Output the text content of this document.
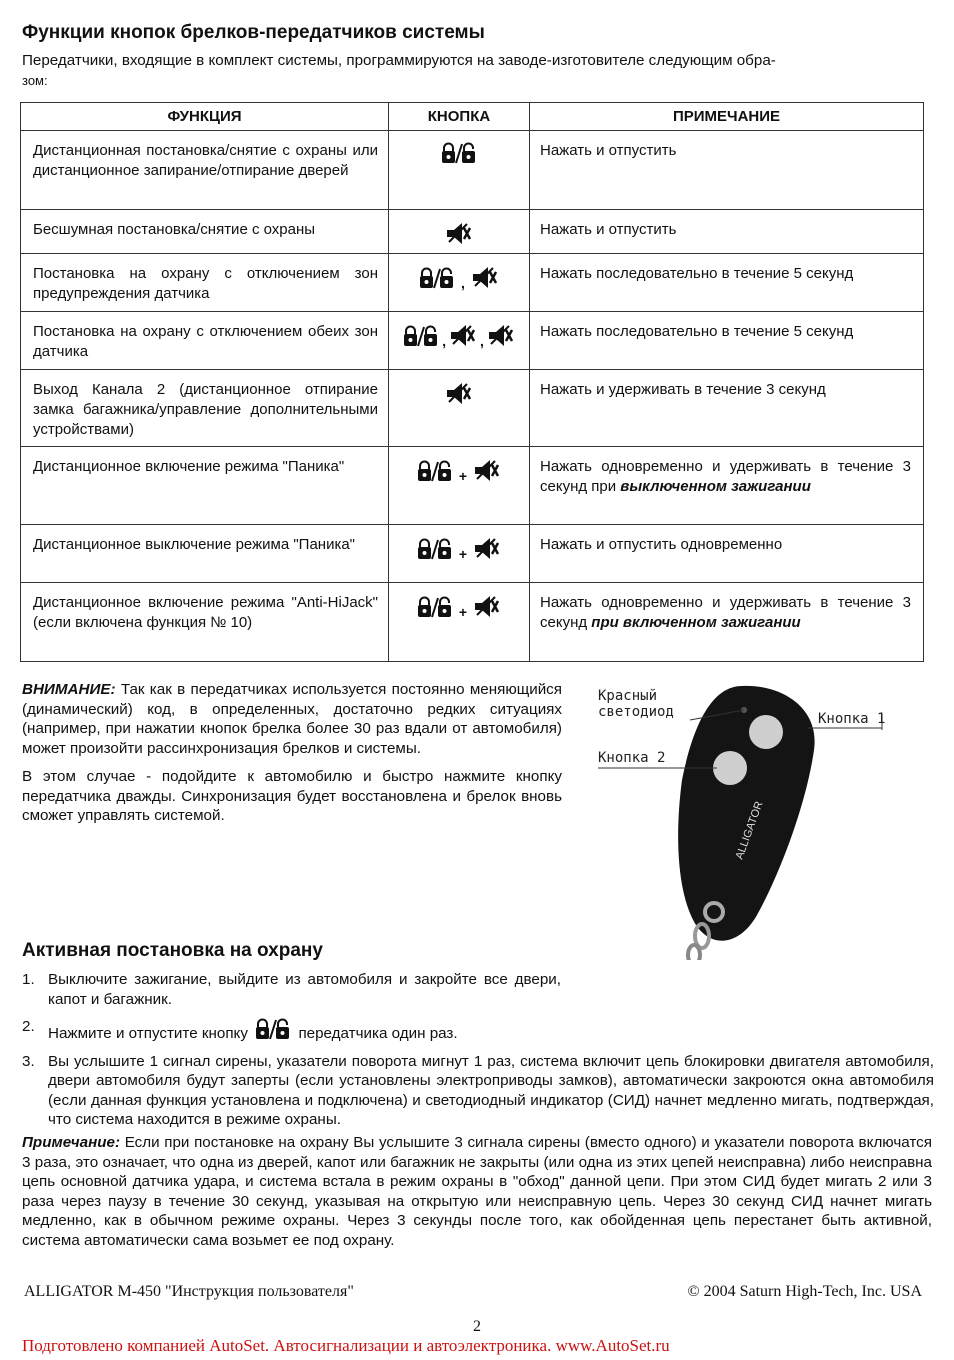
Функции кнопок брелков-передатчиков системы
Передатчики, входящие в комплект системы, программируются на заводе-изготовителе следующим обра-
зом:
ФУНКЦИЯ	КНОПКА	ПРИМЕЧАНИЕ
Дистанционная постановка/снятие с охраны или дистанционное запирание/отпирание дверей		Нажать и отпустить
Бесшумная постановка/снятие с охраны		Нажать и отпустить
Постановка на охрану с отключением зон предупреждения датчика	,	Нажать последовательно в течение 5 секунд
Постановка на охрану с отключением обеих зон датчика	, ,	Нажать последовательно в течение 5 секунд
Выход Канала 2 (дистанционное отпирание замка багажника/управление дополнительными устройствами)		Нажать и удерживать в течение 3 секунд
Дистанционное включение режима "Паника"	+	Нажать одновременно и удерживать в течение 3 секунд при выключенном зажигании
Дистанционное выключение режима "Паника"	+	Нажать и отпустить одновременно
Дистанционное включение режима "Anti-HiJack" (если включена функция № 10)	+	Нажать одновременно и удерживать в течение 3 секунд при включенном зажигании

ВНИМАНИЕ: Так как в передатчиках используется постоянно меняющийся (динамический) код, в определенных, достаточно редких ситуациях (например, при нажатии кнопок брелка более 30 раз вдали от автомобиля) может произойти рассинхронизация брелков и системы.

В этом случае - подойдите к автомобилю и быстро нажмите кнопку передатчика дважды. Синхронизация будет восстановлена и брелок вновь сможет управлять системой.	ALLIGATOR
Красный
светодиод	Кнопка 1
Кнопка 2
Активная постановка на охрану
1. Выключите зажигание, выйдите из автомобиля и закройте все двери, капот и багажник.
2. Нажмите и отпустите кнопку	передатчика один раз.
3. Вы услышите 1 сигнал сирены, указатели поворота мигнут 1 раз, система включит цепь блокировки двигателя автомобиля, двери автомобиля будут заперты (если установлены электроприводы замков), автоматически закроются окна автомобиля (если данная функция установлена и подключена) и светодиодный индикатор (СИД) начнет медленно мигать, подтверждая, что система находится в режиме охраны.
Примечание: Если при постановке на охрану Вы услышите 3 сигнала сирены (вместо одного) и указатели поворота включатся 3 раза, это означает, что одна из дверей, капот или багажник не закрыты (или одна из этих цепей неисправна) либо неисправна цепь основной датчика удара, и система встала в режим охраны в "обход" данной цепи. При этом СИД будет мигать 2 или 3 раза через паузу в течение 30 секунд, указывая на открытую или неисправную цепь. Через 30 секунд СИД начнет мигать медленно, как в обычном режиме охраны. Через 3 секунды после того, как обойденная цепь перестанет быть активной, система автоматически сама возьмет ее под охрану.
ALLIGATOR M-450 "Инструкция пользователя"	© 2004 Saturn High-Tech, Inc. USA
2
Подготовлено компанией AutoSet. Автосигнализации и автоэлектроника. www.AutoSet.ru
